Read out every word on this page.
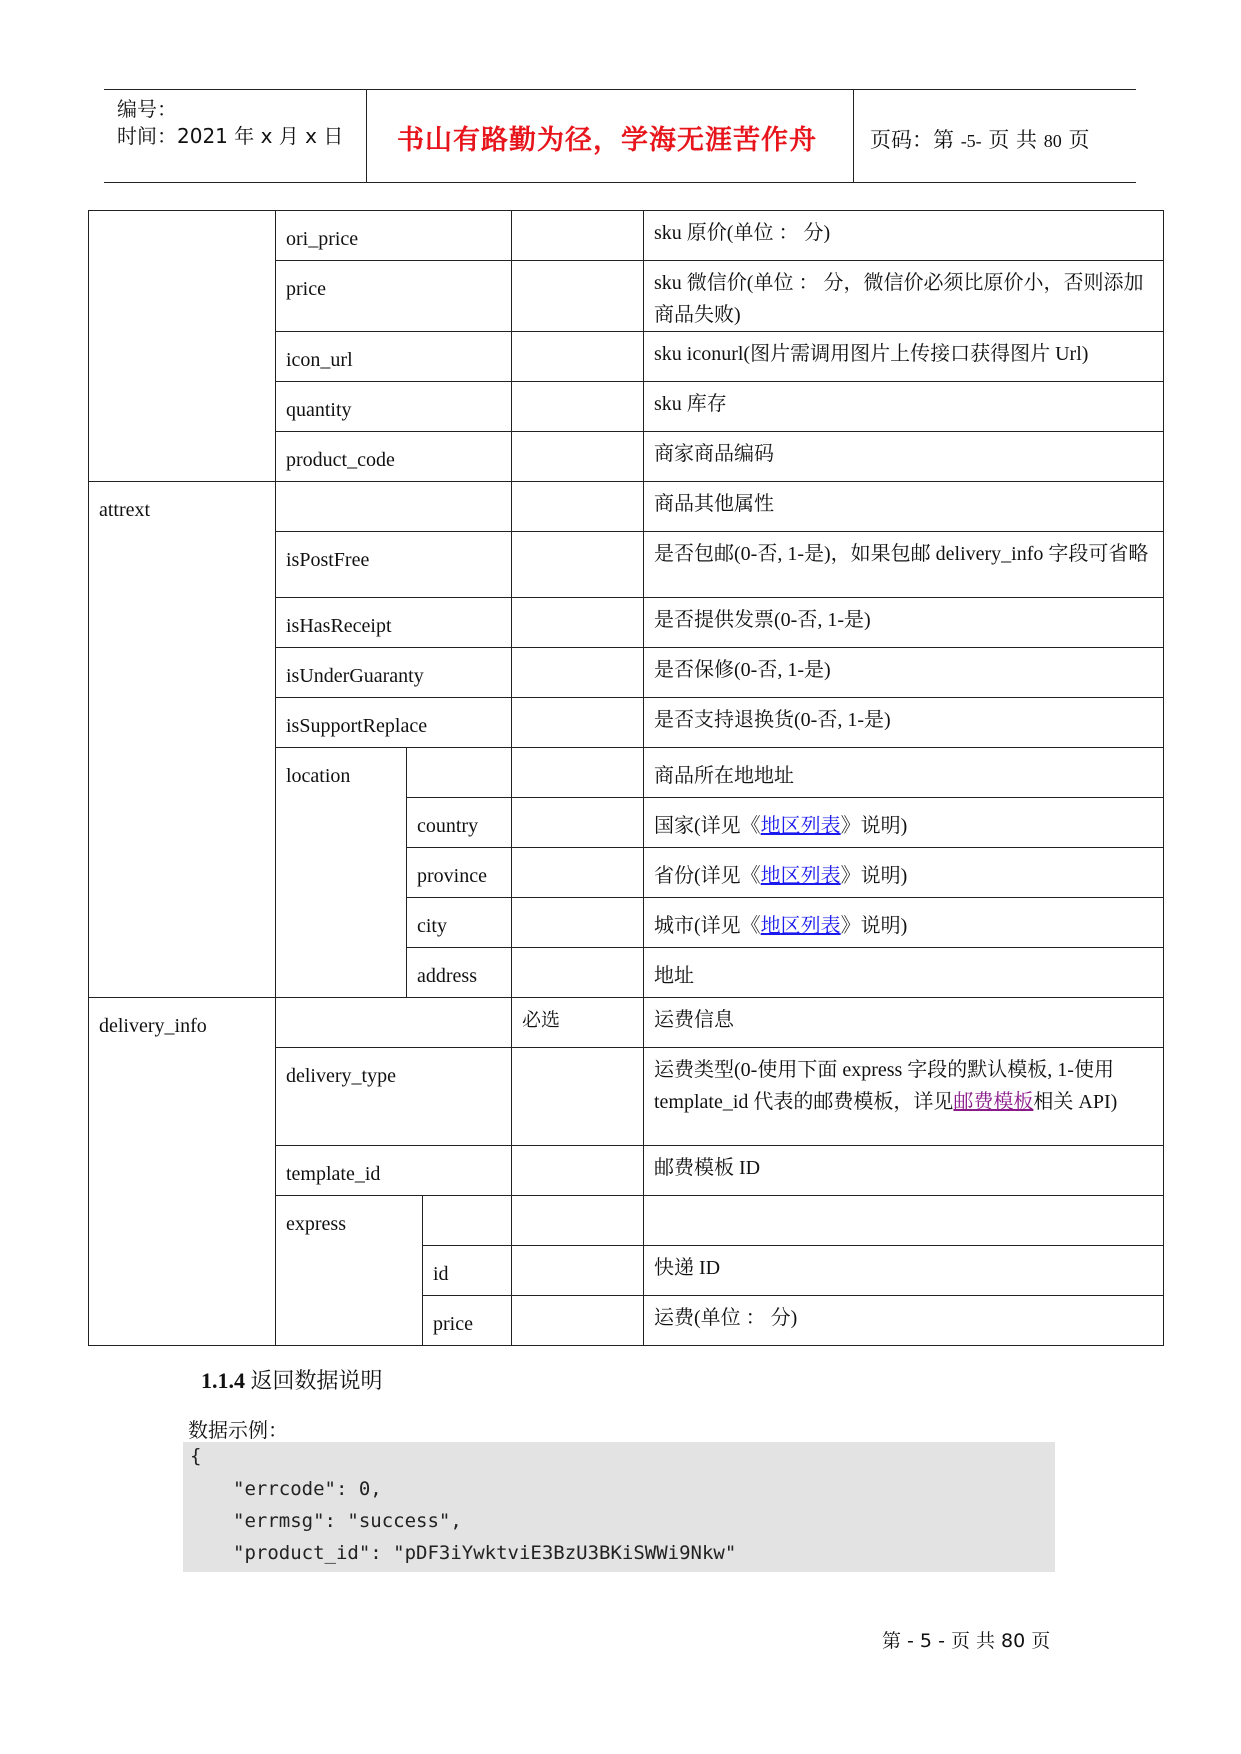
编号：
时间：2021 年 x 月 x 日	书山有路勤为径，学海无涯苦作舟	页码：第 -5- 页 共 80 页
	ori_price				sku 原价(单位 ： 分)
	price				sku 微信价(单位 ： 分，微信价必须比原价小，否则添加商品失败)
	icon_url				sku iconurl(图片需调用图片上传接口获得图片 Url)
	quantity				sku 库存
	product_code				商家商品编码
attrext					商品其他属性
	isPostFree				是否包邮(0-否, 1-是)，如果包邮 delivery_info 字段可省略
	isHasReceipt				是否提供发票(0-否, 1-是)
	isUnderGuaranty				是否保修(0-否, 1-是)
	isSupportReplace				是否支持退换货(0-否, 1-是)
	location				商品所在地地址
		country			国家(详见《地区列表》说明)
		province			省份(详见《地区列表》说明)
		city			城市(详见《地区列表》说明)
		address			地址
delivery_info				必选	运费信息
	delivery_type				运费类型(0-使用下面 express 字段的默认模板, 1-使用 template_id 代表的邮费模板，详见邮费模板相关 API)
	template_id				邮费模板 ID
	express				
			id		快递 ID
			price		运费(单位 ： 分)
1.1.4 返回数据说明
数据示例：
{
"errcode": 0,
"errmsg": "success",
"product_id": "pDF3iYwktviE3BzU3BKiSWWi9Nkw"
第 - 5 - 页 共 80 页
